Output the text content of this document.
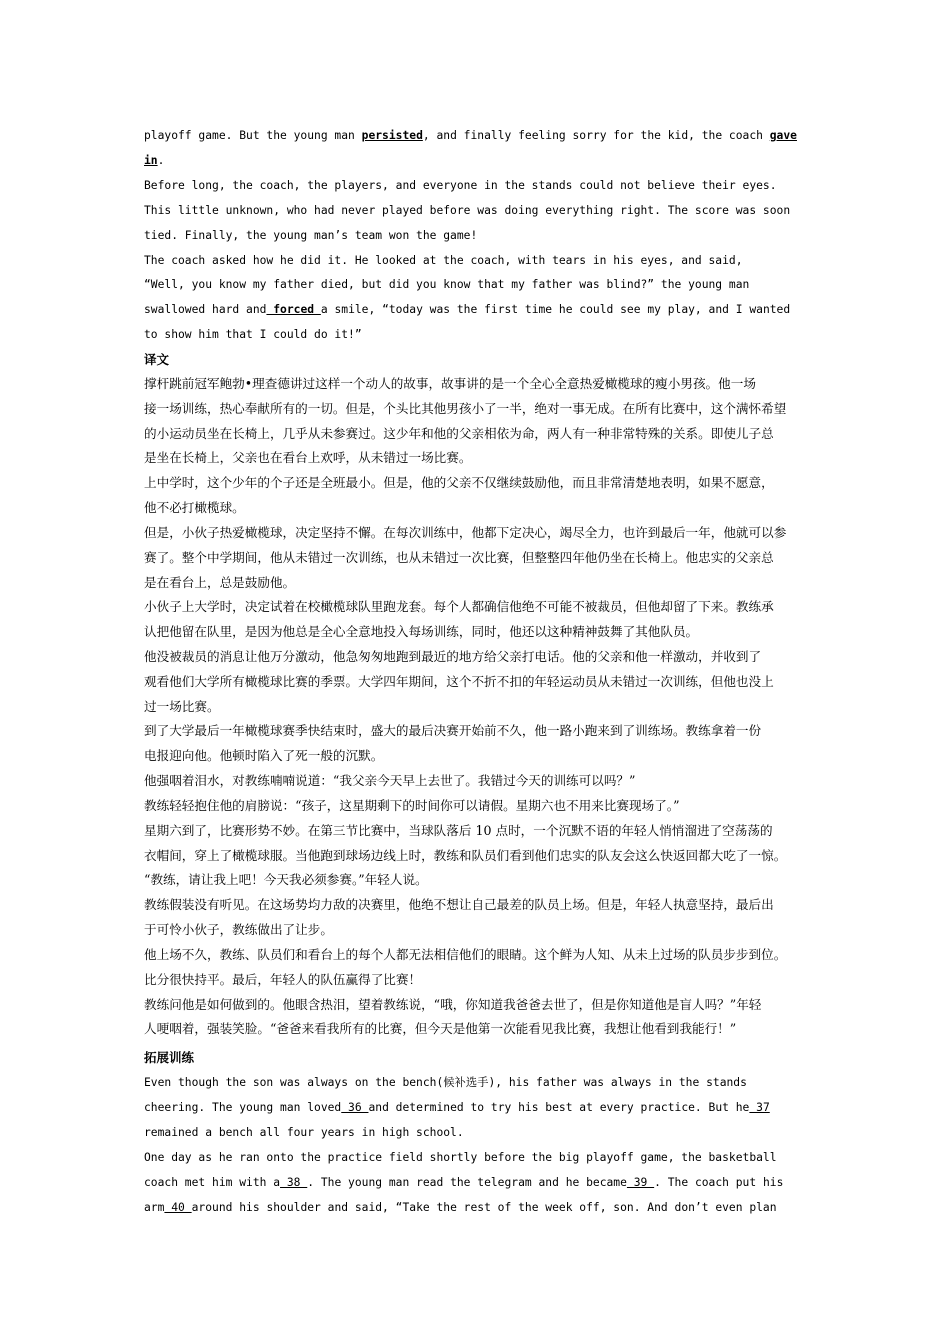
playoff game. But the young man persisted, and finally feeling sorry for the kid, the coach gave

in.

Before long, the coach, the players, and everyone in the stands could not believe their eyes.

This little unknown, who had never played before was doing everything right. The score was soon

tied. Finally, the young man’s team won the game!

The coach asked how he did it. He looked at the coach, with tears in his eyes, and said,

“Well, you know my father died, but did you know that my father was blind?” the young man

swallowed hard and forced a smile, “today was the first time he could see my play, and I wanted

to show him that I could do it!”

译文

撑杆跳前冠军鲍勃•理查德讲过这样一个动人的故事，故事讲的是一个全心全意热爱橄榄球的瘦小男孩。他一场

接一场训练，热心奉献所有的一切。但是，个头比其他男孩小了一半，绝对一事无成。在所有比赛中，这个满怀希望

的小运动员坐在长椅上，几乎从未参赛过。这少年和他的父亲相依为命，两人有一种非常特殊的关系。即使儿子总

是坐在长椅上，父亲也在看台上欢呼，从未错过一场比赛。

上中学时，这个少年的个子还是全班最小。但是，他的父亲不仅继续鼓励他，而且非常清楚地表明，如果不愿意，

他不必打橄榄球。

但是，小伙子热爱橄榄球，决定坚持不懈。在每次训练中，他都下定决心，竭尽全力，也许到最后一年，他就可以参

赛了。整个中学期间，他从未错过一次训练，也从未错过一次比赛，但整整四年他仍坐在长椅上。他忠实的父亲总

是在看台上，总是鼓励他。

小伙子上大学时，决定试着在校橄榄球队里跑龙套。每个人都确信他绝不可能不被裁员，但他却留了下来。教练承

认把他留在队里，是因为他总是全心全意地投入每场训练，同时，他还以这种精神鼓舞了其他队员。

他没被裁员的消息让他万分激动，他急匆匆地跑到最近的地方给父亲打电话。他的父亲和他一样激动，并收到了

观看他们大学所有橄榄球比赛的季票。大学四年期间，这个不折不扣的年轻运动员从未错过一次训练，但他也没上

过一场比赛。

到了大学最后一年橄榄球赛季快结束时，盛大的最后决赛开始前不久，他一路小跑来到了训练场。教练拿着一份

电报迎向他。他顿时陷入了死一般的沉默。

他强咽着泪水，对教练喃喃说道：“我父亲今天早上去世了。我错过今天的训练可以吗？”

教练轻轻抱住他的肩膀说：“孩子，这星期剩下的时间你可以请假。星期六也不用来比赛现场了。”

星期六到了，比赛形势不妙。在第三节比赛中，当球队落后 10 点时，一个沉默不语的年轻人悄悄溜进了空荡荡的

衣帽间，穿上了橄榄球服。当他跑到球场边线上时，教练和队员们看到他们忠实的队友会这么快返回都大吃了一惊。

“教练，请让我上吧！今天我必须参赛。”年轻人说。

教练假装没有听见。在这场势均力敌的决赛里，他绝不想让自己最差的队员上场。但是，年轻人执意坚持，最后出

于可怜小伙子，教练做出了让步。

他上场不久，教练、队员们和看台上的每个人都无法相信他们的眼睛。这个鲜为人知、从未上过场的队员步步到位。

比分很快持平。最后，年轻人的队伍赢得了比赛！

教练问他是如何做到的。他眼含热泪，望着教练说，“哦，你知道我爸爸去世了，但是你知道他是盲人吗？”年轻

人哽咽着，强装笑脸。“爸爸来看我所有的比赛，但今天是他第一次能看见我比赛，我想让他看到我能行！”

拓展训练

Even though the son was always on the bench(候补选手), his father was always in the stands

cheering. The young man loved 36 and determined to try his best at every practice. But he 37

remained a bench all four years in high school.

One day as he ran onto the practice field shortly before the big playoff game, the basketball

coach met him with a 38 . The young man read the telegram and he became 39 . The coach put his

arm 40 around his shoulder and said, “Take the rest of the week off, son. And don’t even plan
